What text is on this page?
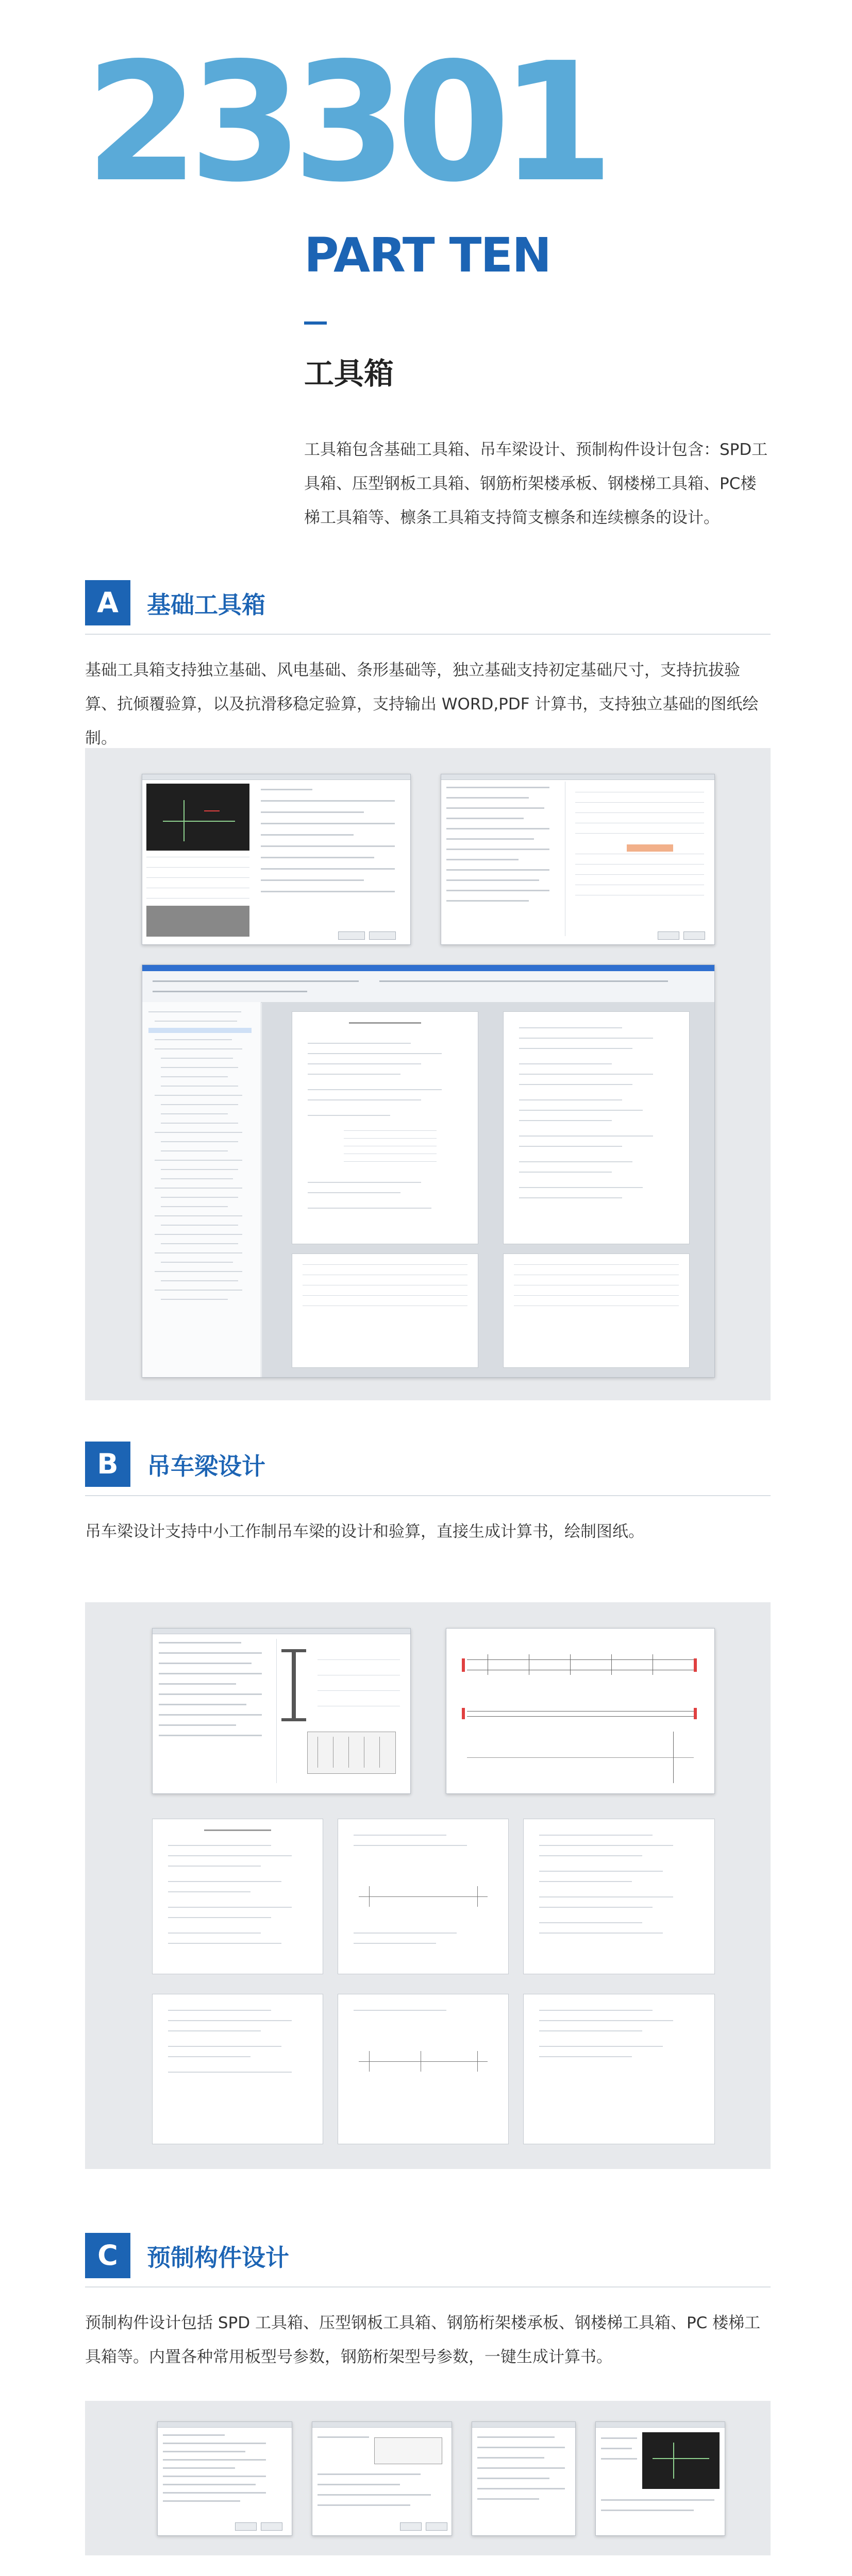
23301
PART TEN
工具箱
工具箱包含基础工具箱、吊车梁设计、预制构件设计包含：SPD工具箱、压型钢板工具箱、钢筋桁架楼承板、钢楼梯工具箱、PC楼梯工具箱等、檩条工具箱支持简支檩条和连续檩条的设计。
A	基础工具箱
基础工具箱支持独立基础、风电基础、条形基础等，独立基础支持初定基础尺寸，支持抗拔验算、抗倾覆验算，以及抗滑移稳定验算，支持输出 WORD,PDF 计算书，支持独立基础的图纸绘制。
B	吊车梁设计
吊车梁设计支持中小工作制吊车梁的设计和验算，直接生成计算书，绘制图纸。
C	预制构件设计
预制构件设计包括 SPD 工具箱、压型钢板工具箱、钢筋桁架楼承板、钢楼梯工具箱、PC 楼梯工具箱等。内置各种常用板型号参数，钢筋桁架型号参数，一键生成计算书。
